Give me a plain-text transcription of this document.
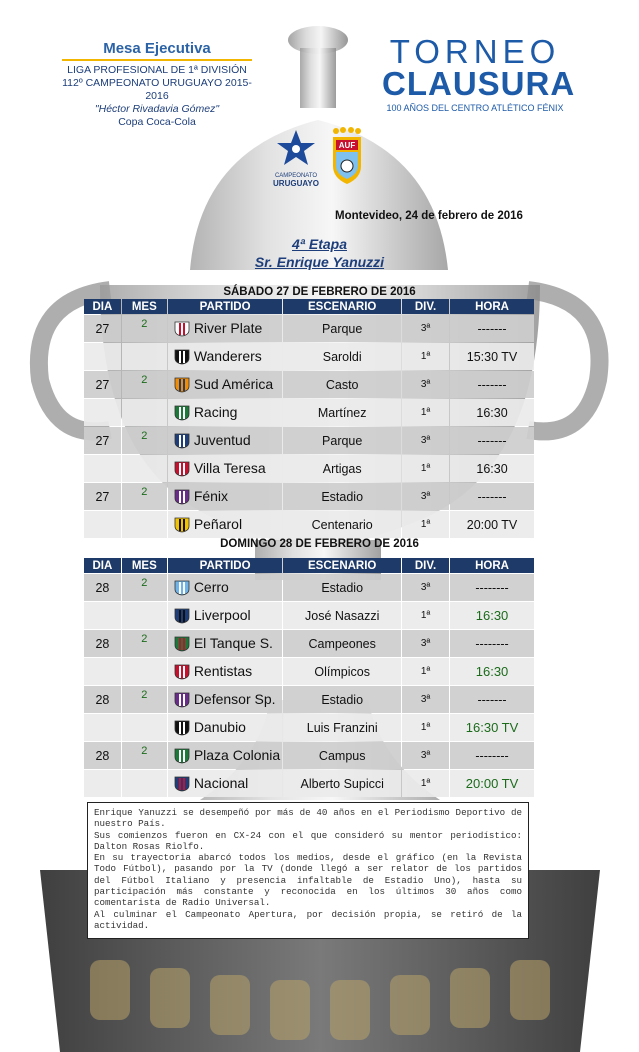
Mesa Ejecutiva
LIGA PROFESIONAL DE 1ª DIVISIÓN
112º CAMPEONATO URUGUAYO 2015-2016
"Héctor Rivadavia Gómez"
Copa Coca-Cola
TORNEO
CLAUSURA
100 AÑOS DEL CENTRO ATLÉTICO FÉNIX
CAMPEONATO
URUGUAYO
AUF
Montevideo, 24 de febrero de 2016
4ª Etapa
Sr. Enrique Yanuzzi
SÁBADO 27 DE FEBRERO DE 2016
DIA	MES	PARTIDO	ESCENARIO	DIV.	HORA
27	2	River Plate	Parque	3ª	-------
		Wanderers	Saroldi	1ª	15:30 TV
27	2	Sud América	Casto	3ª	-------
		Racing	Martínez	1ª	16:30
27	2	Juventud	Parque	3ª	-------
		Villa Teresa	Artigas	1ª	16:30
27	2	Fénix	Estadio	3ª	-------
		Peñarol	Centenario	1ª	20:00 TV
DOMINGO 28 DE FEBRERO DE 2016
DIA	MES	PARTIDO	ESCENARIO	DIV.	HORA
28	2	Cerro	Estadio	3ª	--------
		Liverpool	José Nasazzi	1ª	16:30
28	2	El Tanque S.	Campeones	3ª	--------
		Rentistas	Olímpicos	1ª	16:30
28	2	Defensor Sp.	Estadio	3ª	-------
		Danubio	Luis Franzini	1ª	16:30 TV
28	2	Plaza Colonia	Campus	3ª	--------
		Nacional	Alberto Supicci	1ª	20:00 TV

Enrique Yanuzzi se desempeñó por más de 40 años en el Periodismo Deportivo de nuestro País.

Sus comienzos fueron en CX-24 con el que consideró su mentor periodístico: Dalton Rosas Riolfo.

En su trayectoria abarcó todos los medios, desde el gráfico (en la Revista Todo Fútbol), pasando por la TV (donde llegó a ser relator de los partidos del Fútbol Italiano y presencia infaltable de Estadio Uno), hasta su participación más constante y reconocida en los últimos 30 años como comentarista de Radio Universal.

Al culminar el Campeonato Apertura, por decisión propia, se retiró de la actividad.
